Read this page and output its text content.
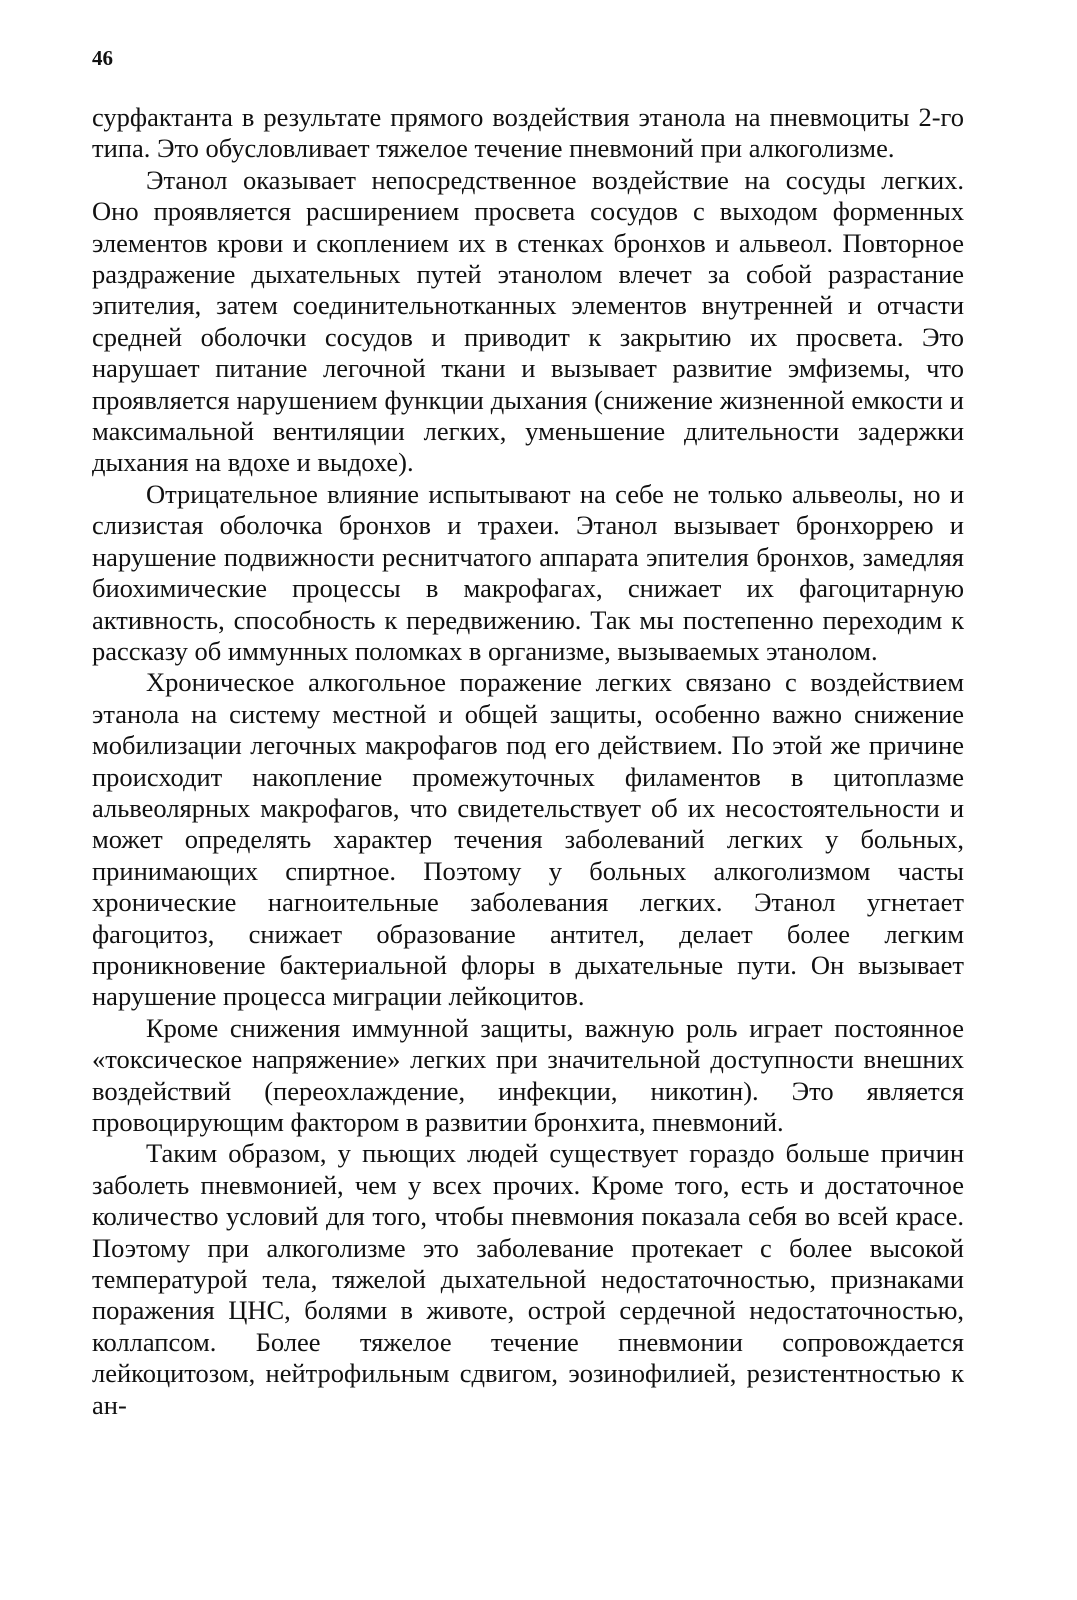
46

сурфактанта в результате прямого воздействия этанола на пневмоциты 2-го типа. Это обусловливает тяжелое течение пневмоний при алкоголизме.

Этанол оказывает непосредственное воздействие на сосуды легких. Оно проявляется расширением просвета сосудов с выходом форменных элементов крови и скоплением их в стенках бронхов и альвеол. Повторное раздражение дыхательных путей этанолом влечет за собой разрастание эпителия, затем соединительнотканных элементов внутренней и отчасти средней оболочки сосудов и приводит к закрытию их просвета. Это нарушает питание легочной ткани и вызывает развитие эмфиземы, что проявляется нарушением функции дыхания (снижение жизненной емкости и максимальной вентиляции легких, уменьшение длительности задержки дыхания на вдохе и выдохе).

Отрицательное влияние испытывают на себе не только альвеолы, но и слизистая оболочка бронхов и трахеи. Этанол вызывает бронхоррею и нарушение подвижности реснитчатого аппарата эпителия бронхов, замедляя биохимические процессы в макрофагах, снижает их фагоцитарную активность, способность к передвижению. Так мы постепенно переходим к рассказу об иммунных поломках в организме, вызываемых этанолом.

Хроническое алкогольное поражение легких связано с воздействием этанола на систему местной и общей защиты, особенно важно снижение мобилизации легочных макрофагов под его действием. По этой же причине происходит накопление промежуточных филаментов в цитоплазме альвеолярных макрофагов, что свидетельствует об их несостоятельности и может определять характер течения заболеваний легких у больных, принимающих спиртное. Поэтому у больных алкоголизмом часты хронические нагноительные заболевания легких. Этанол угнетает фагоцитоз, снижает образование антител, делает более легким проникновение бактериальной флоры в дыхательные пути. Он вызывает нарушение процесса миграции лейкоцитов.

Кроме снижения иммунной защиты, важную роль играет постоянное «токсическое напряжение» легких при значительной доступности внешних воздействий (переохлаждение, инфекции, никотин). Это является провоцирующим фактором в развитии бронхита, пневмоний.

Таким образом, у пьющих людей существует гораздо больше причин заболеть пневмонией, чем у всех прочих. Кроме того, есть и достаточное количество условий для того, чтобы пневмония показала себя во всей красе. Поэтому при алкоголизме это заболевание протекает с более высокой температурой тела, тяжелой дыхательной недостаточностью, признаками поражения ЦНС, болями в животе, острой сердечной недостаточностью, коллапсом. Более тяжелое течение пневмонии сопровождается лейкоцитозом, нейтрофильным сдвигом, эозинофилией, резистентностью к ан-
